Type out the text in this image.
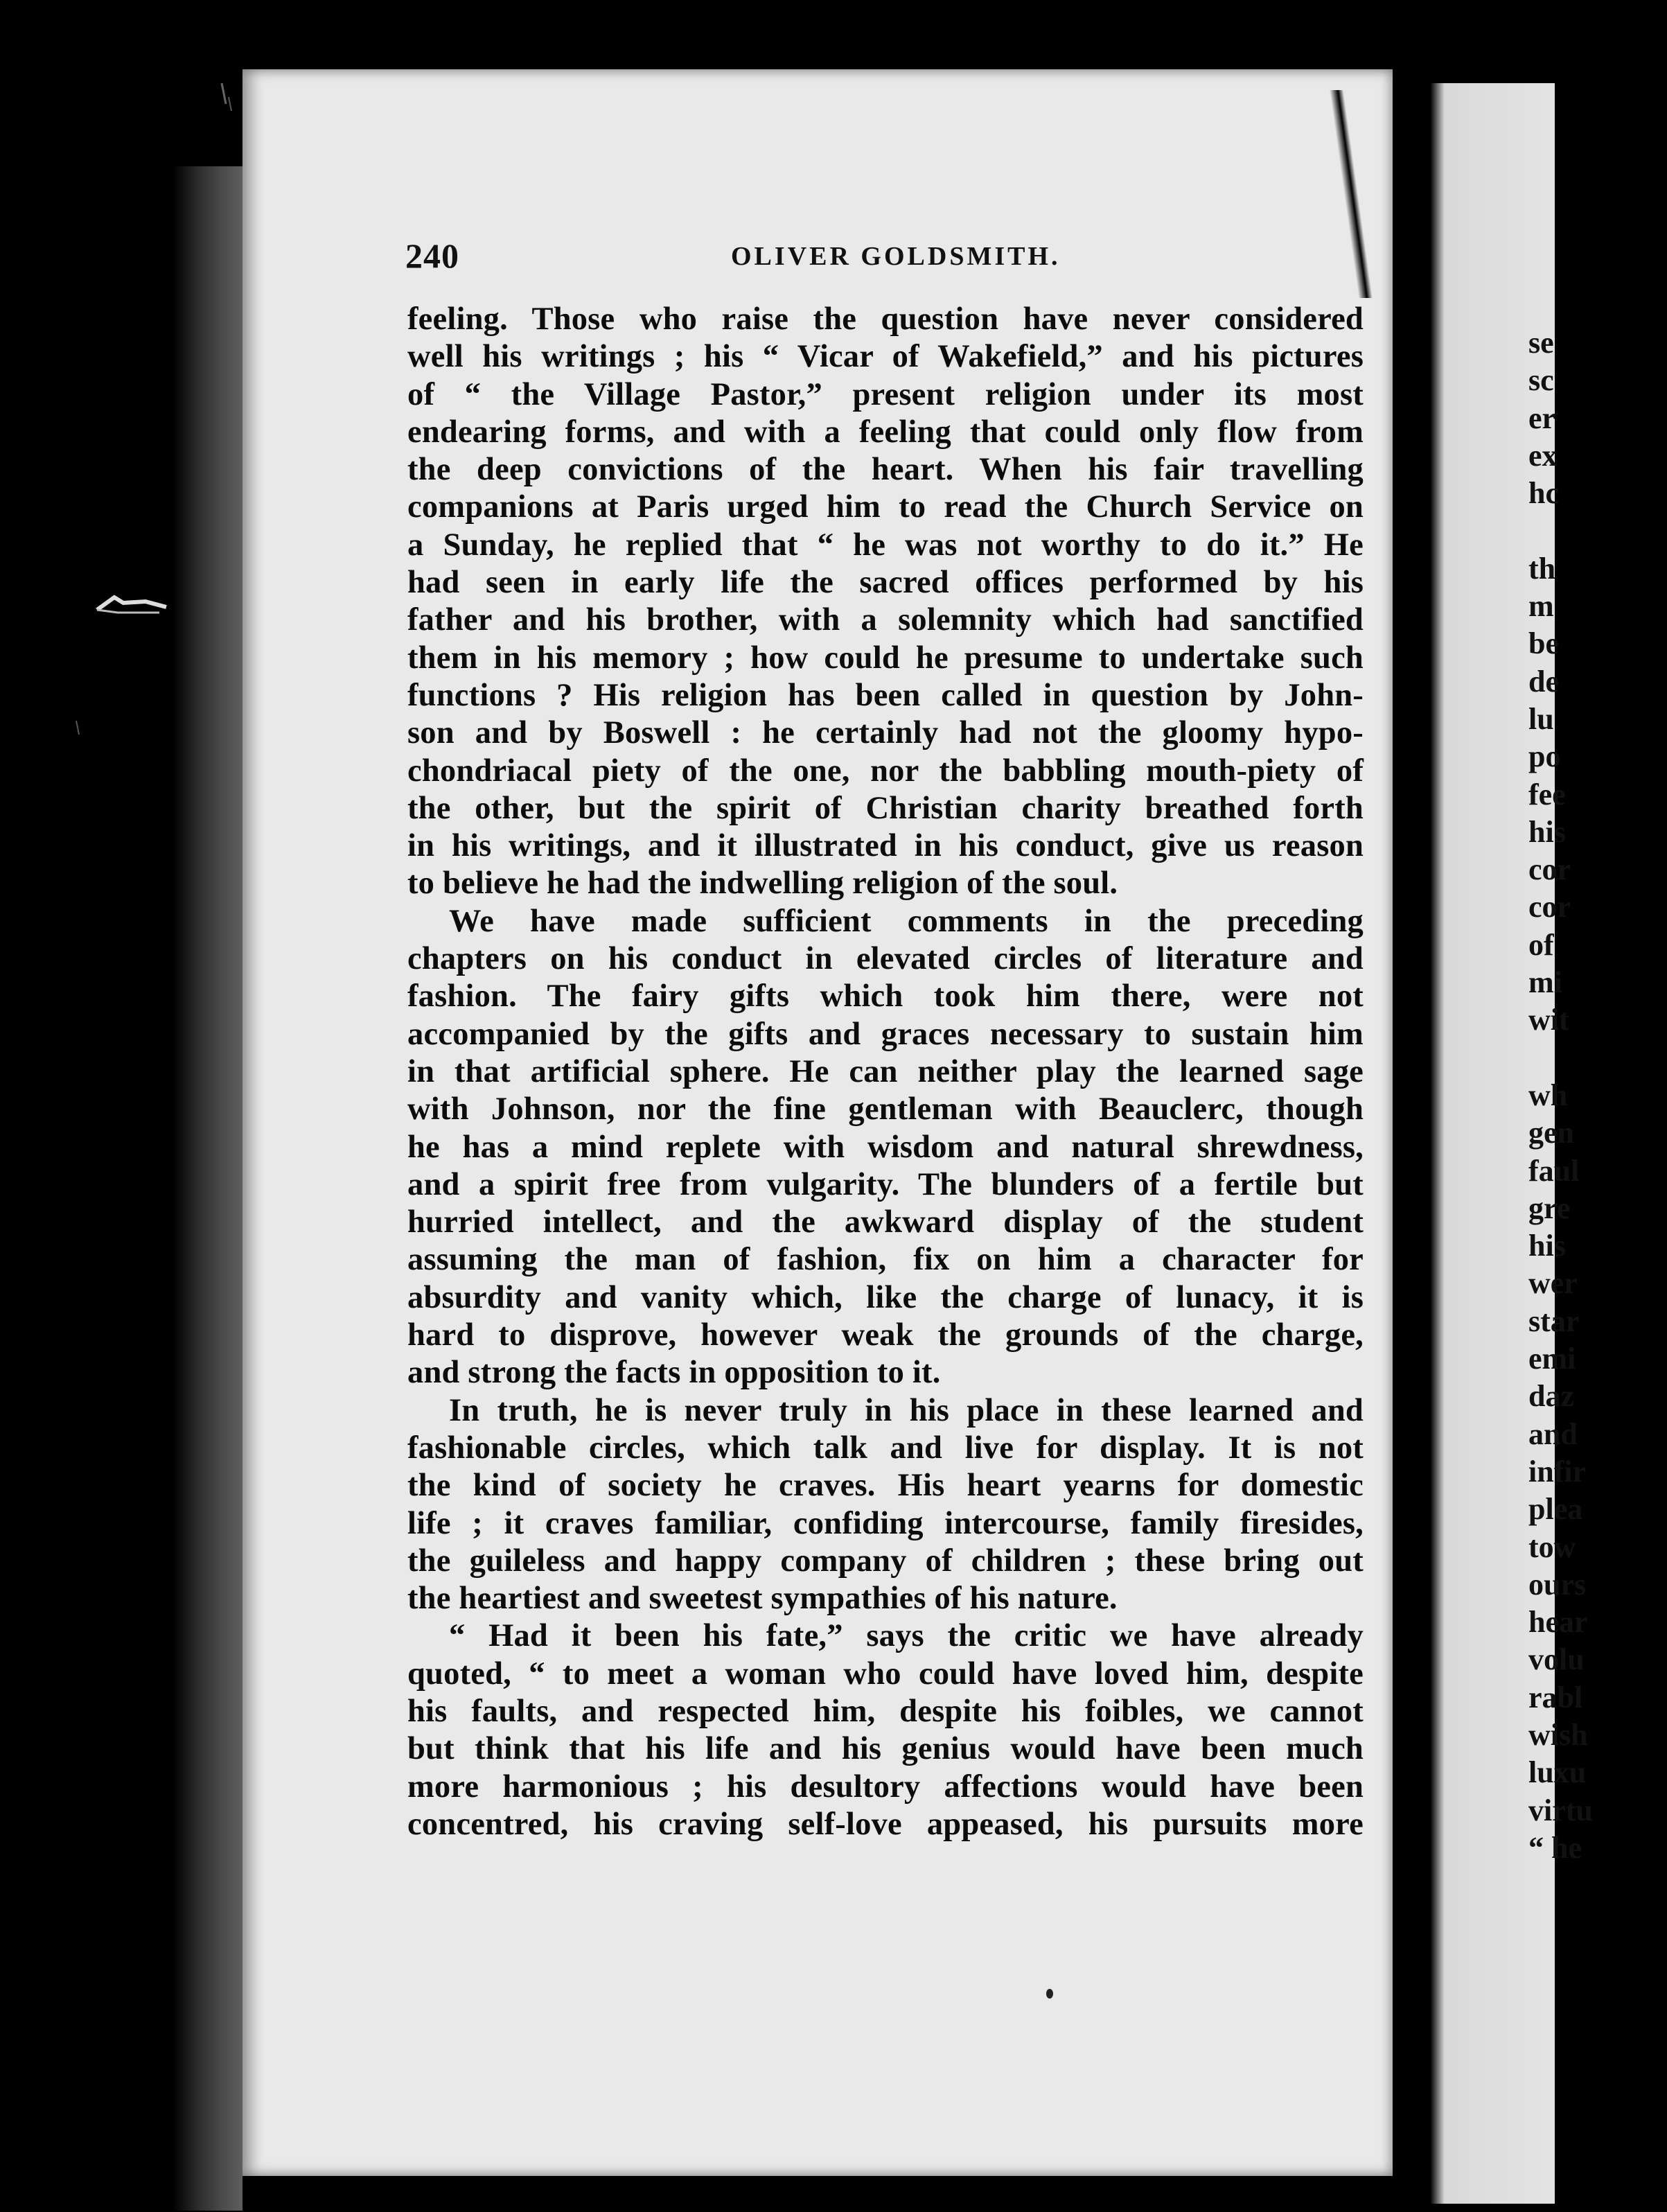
240	OLIVER GOLDSMITH.
feeling. Those who raise the question have never considered
well his writings ; his “ Vicar of Wakefield,” and his pictures
of “ the Village Pastor,” present religion under its most
endearing forms, and with a feeling that could only flow from
the deep convictions of the heart. When his fair travelling
companions at Paris urged him to read the Church Service on
a Sunday, he replied that “ he was not worthy to do it.” He
had seen in early life the sacred offices performed by his
father and his brother, with a solemnity which had sanctified
them in his memory ; how could he presume to undertake such
functions ? His religion has been called in question by John-
son and by Boswell : he certainly had not the gloomy hypo-
chondriacal piety of the one, nor the babbling mouth-piety of
the other, but the spirit of Christian charity breathed forth
in his writings, and it illustrated in his conduct, give us reason
to believe he had the indwelling religion of the soul.
We have made sufficient comments in the preceding
chapters on his conduct in elevated circles of literature and
fashion. The fairy gifts which took him there, were not
accompanied by the gifts and graces necessary to sustain him
in that artificial sphere. He can neither play the learned sage
with Johnson, nor the fine gentleman with Beauclerc, though
he has a mind replete with wisdom and natural shrewdness,
and a spirit free from vulgarity. The blunders of a fertile but
hurried intellect, and the awkward display of the student
assuming the man of fashion, fix on him a character for
absurdity and vanity which, like the charge of lunacy, it is
hard to disprove, however weak the grounds of the charge,
and strong the facts in opposition to it.
In truth, he is never truly in his place in these learned and
fashionable circles, which talk and live for display. It is not
the kind of society he craves. His heart yearns for domestic
life ; it craves familiar, confiding intercourse, family firesides,
the guileless and happy company of children ; these bring out
the heartiest and sweetest sympathies of his nature.
“ Had it been his fate,” says the critic we have already
quoted, “ to meet a woman who could have loved him, despite
his faults, and respected him, despite his foibles, we cannot
but think that his life and his genius would have been much
more harmonious ; his desultory affections would have been
concentred, his craving self-love appeased, his pursuits more
se
sc
er
ex
hc
th
m
be
de
lu
po
fee
his
cor
cor
of
mi
wit
wh
gen
faul
gre
his
wer
star
emi
daz
and
infir
plea
tow
ours
hear
volu
rabl
wish
luxu
virtu
“ he
